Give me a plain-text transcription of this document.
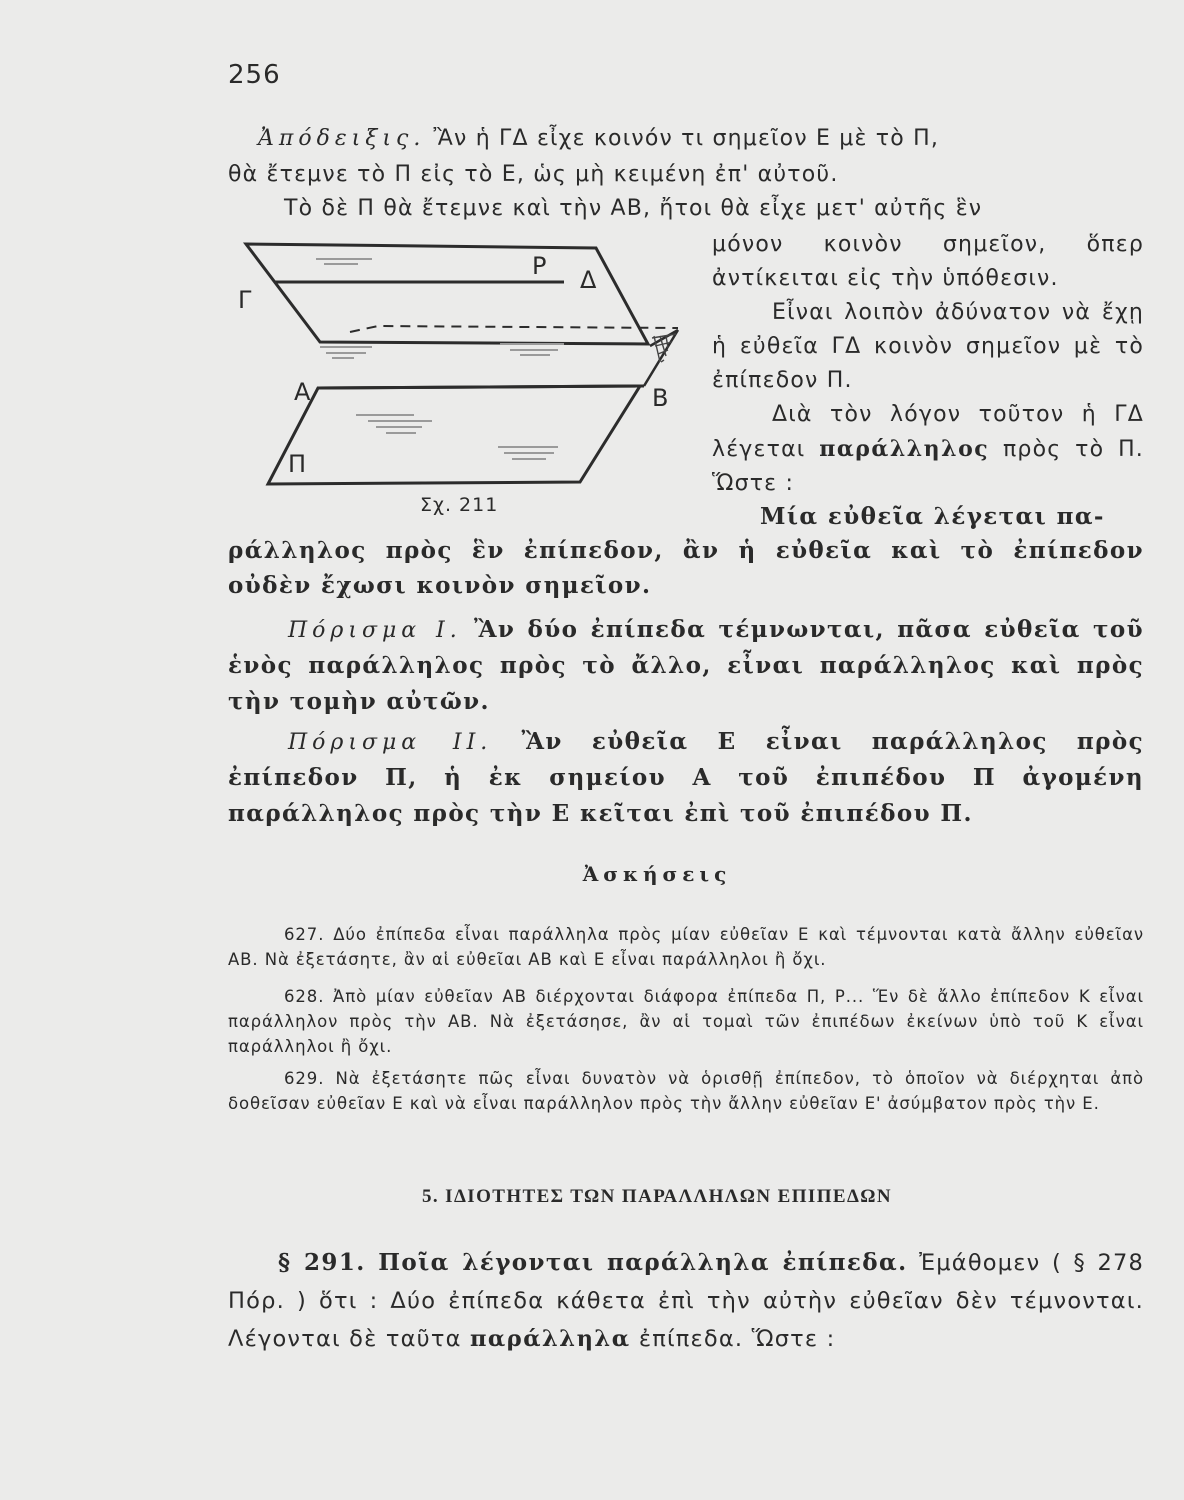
256

Ἀπόδειξις. Ἂν ἡ ΓΔ εἶχε κοινόν τι σημεῖον Ε μὲ τὸ Π,

θὰ ἔτεμνε τὸ Π εἰς τὸ Ε, ὡς μὴ κειμένη ἐπ' αὐτοῦ.

Τὸ δὲ Π θὰ ἔτεμνε καὶ τὴν ΑΒ, ἤτοι θὰ εἶχε μετ' αὐτῆς ἓν

Γ
Ρ Δ
Α	Β
Π
Σχ. 211

μόνον κοινὸν σημεῖον, ὅπερ ἀντίκειται εἰς τὴν ὑπόθεσιν.

Εἶναι λοιπὸν ἀδύνατον νὰ ἔχῃ ἡ εὐθεῖα ΓΔ κοινὸν σημεῖον μὲ τὸ ἐπίπεδον Π.

Διὰ τὸν λόγον τοῦτον ἡ ΓΔ λέγεται παράλληλος πρὸς τὸ Π. Ὥστε :

Μία εὐθεῖα λέγεται πα-

ράλληλος πρὸς ἓν ἐπίπεδον, ἂν ἡ εὐθεῖα καὶ τὸ ἐπίπεδον οὐδὲν ἔχωσι κοινὸν σημεῖον.

Πόρισμα Ι. Ἂν δύο ἐπίπεδα τέμνωνται, πᾶσα εὐθεῖα τοῦ ἑνὸς παράλληλος πρὸς τὸ ἄλλο, εἶναι παράλληλος καὶ πρὸς τὴν τομὴν αὐτῶν.

Πόρισμα ΙΙ. Ἂν εὐθεῖα Ε εἶναι παράλληλος πρὸς ἐπίπεδον Π, ἡ ἐκ σημείου Α τοῦ ἐπιπέδου Π ἀγομένη παράλληλος πρὸς τὴν Ε κεῖται ἐπὶ τοῦ ἐπιπέδου Π.

Ἀσκήσεις

627. Δύο ἐπίπεδα εἶναι παράλληλα πρὸς μίαν εὐθεῖαν Ε καὶ τέμνονται κατὰ ἄλλην εὐθεῖαν ΑΒ. Νὰ ἐξετάσητε, ἂν αἱ εὐθεῖαι ΑΒ καὶ Ε εἶναι παράλληλοι ἢ ὄχι.

628. Ἀπὸ μίαν εὐθεῖαν ΑΒ διέρχονται διάφορα ἐπίπεδα Π, Ρ... Ἕν δὲ ἄλλο ἐπίπεδον Κ εἶναι παράλληλον πρὸς τὴν ΑΒ. Νὰ ἐξετάσησε, ἂν αἱ τομαὶ τῶν ἐπιπέδων ἐκείνων ὑπὸ τοῦ Κ εἶναι παράλληλοι ἢ ὄχι.

629. Νὰ ἐξετάσητε πῶς εἶναι δυνατὸν νὰ ὁρισθῇ ἐπίπεδον, τὸ ὁποῖον νὰ διέρχηται ἀπὸ δοθεῖσαν εὐθεῖαν Ε καὶ νὰ εἶναι παράλληλον πρὸς τὴν ἄλλην εὐθεῖαν Ε' ἀσύμβατον πρὸς τὴν Ε.

5. ΙΔΙΟΤΗΤΕΣ ΤΩΝ ΠΑΡΑΛΛΗΛΩΝ ΕΠΙΠΕΔΩΝ

§ 291. Ποῖα λέγονται παράλληλα ἐπίπεδα. Ἐμάθομεν ( § 278 Πόρ. ) ὅτι : Δύο ἐπίπεδα κάθετα ἐπὶ τὴν αὐτὴν εὐθεῖαν δὲν τέμνονται. Λέγονται δὲ ταῦτα παράλληλα ἐπίπεδα. Ὥστε :
